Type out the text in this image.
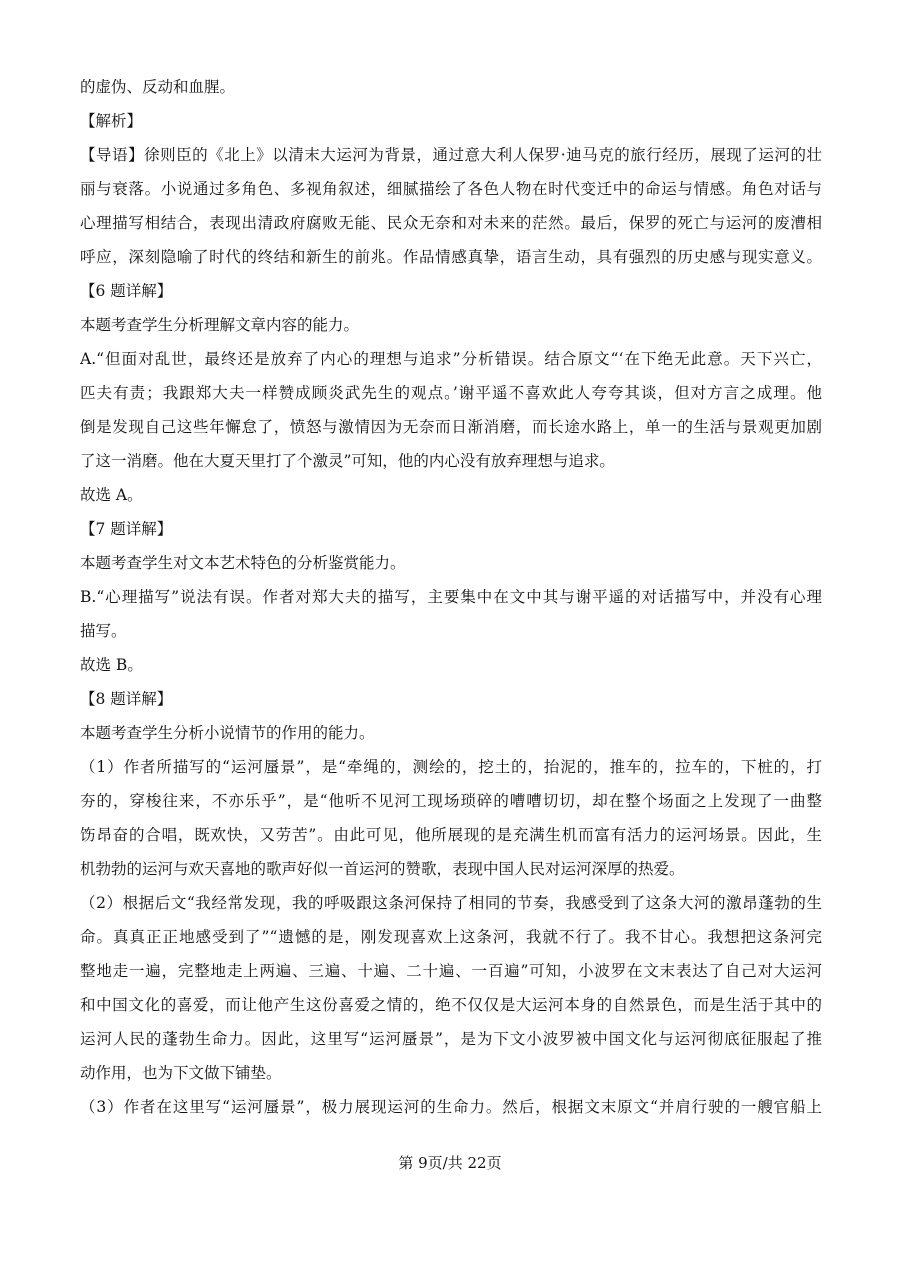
的虚伪、反动和血腥。
【解析】
【导语】徐则臣的《北上》以清末大运河为背景，通过意大利人保罗·迪马克的旅行经历，展现了运河的壮
丽与衰落。小说通过多角色、多视角叙述，细腻描绘了各色人物在时代变迁中的命运与情感。角色对话与
心理描写相结合，表现出清政府腐败无能、民众无奈和对未来的茫然。最后，保罗的死亡与运河的废漕相
呼应，深刻隐喻了时代的终结和新生的前兆。作品情感真挚，语言生动，具有强烈的历史感与现实意义。
【6 题详解】
本题考查学生分析理解文章内容的能力。
A.“但面对乱世，最终还是放弃了内心的理想与追求”分析错误。结合原文“‘在下绝无此意。天下兴亡，
匹夫有责；我跟郑大夫一样赞成顾炎武先生的观点。’谢平遥不喜欢此人夸夸其谈，但对方言之成理。他
倒是发现自己这些年懈怠了，愤怒与激情因为无奈而日渐消磨，而长途水路上，单一的生活与景观更加剧
了这一消磨。他在大夏天里打了个激灵”可知，他的内心没有放弃理想与追求。
故选 A。
【7 题详解】
本题考查学生对文本艺术特色的分析鉴赏能力。
B.“心理描写”说法有误。作者对郑大夫的描写，主要集中在文中其与谢平遥的对话描写中，并没有心理
描写。
故选 B。
【8 题详解】
本题考查学生分析小说情节的作用的能力。
（1）作者所描写的“运河蜃景”，是“牵绳的，测绘的，挖土的，抬泥的，推车的，拉车的，下桩的，打
夯的，穿梭往来，不亦乐乎”，是“他听不见河工现场琐碎的嘈嘈切切，却在整个场面之上发现了一曲整
饬昂奋的合唱，既欢快，又劳苦”。由此可见，他所展现的是充满生机而富有活力的运河场景。因此，生
机勃勃的运河与欢天喜地的歌声好似一首运河的赞歌，表现中国人民对运河深厚的热爱。
（2）根据后文“我经常发现，我的呼吸跟这条河保持了相同的节奏，我感受到了这条大河的激昂蓬勃的生
命。真真正正地感受到了”“遗憾的是，刚发现喜欢上这条河，我就不行了。我不甘心。我想把这条河完
整地走一遍，完整地走上两遍、三遍、十遍、二十遍、一百遍”可知，小波罗在文末表达了自己对大运河
和中国文化的喜爱，而让他产生这份喜爱之情的，绝不仅仅是大运河本身的自然景色，而是生活于其中的
运河人民的蓬勃生命力。因此，这里写“运河蜃景”，是为下文小波罗被中国文化与运河彻底征服起了推
动作用，也为下文做下铺垫。
（3）作者在这里写“运河蜃景”，极力展现运河的生命力。然后，根据文末原文“并肩行驶的一艘官船上
第 9页/共 22页
